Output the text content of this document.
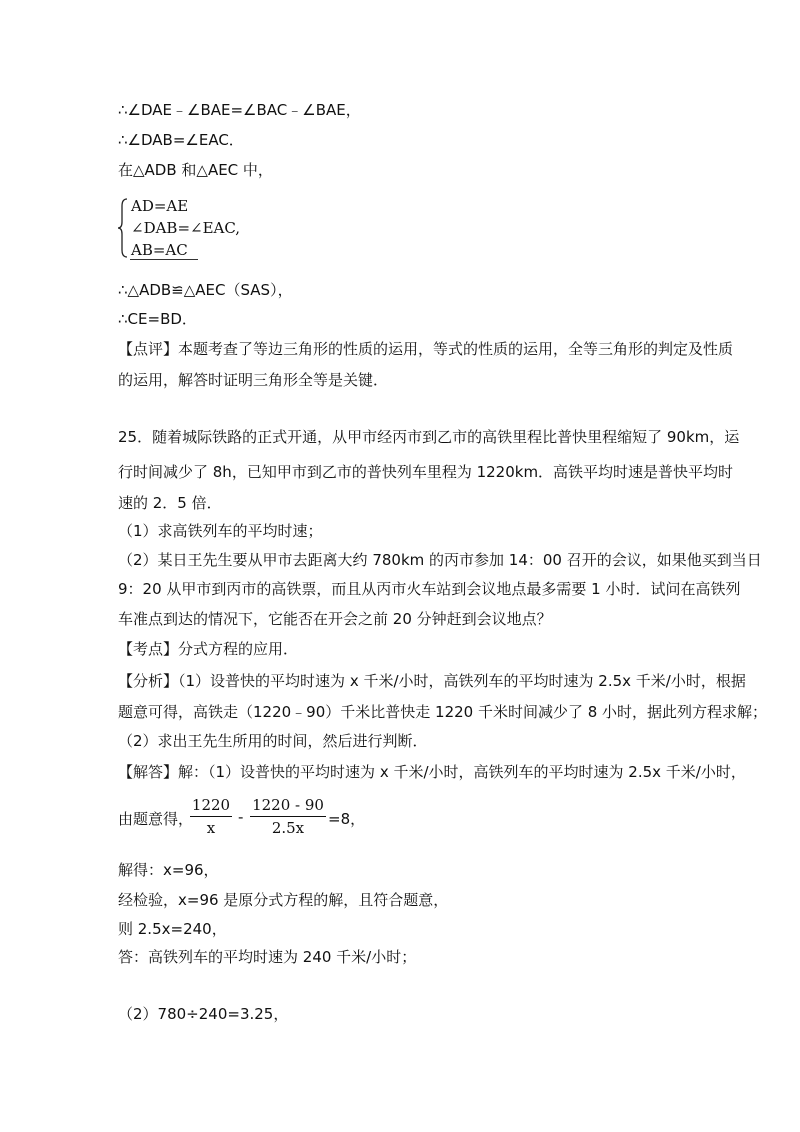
∴∠DAE﹣∠BAE=∠BAC﹣∠BAE，
∴∠DAB=∠EAC．
在△ADB 和△AEC 中，
AD=AE
∠DAB=∠EAC,
AB=AC
∴△ADB≌△AEC（SAS），
∴CE=BD．
【点评】本题考查了等边三角形的性质的运用，等式的性质的运用，全等三角形的判定及性质
的运用，解答时证明三角形全等是关键．
25．随着城际铁路的正式开通，从甲市经丙市到乙市的高铁里程比普快里程缩短了 90km，运
行时间减少了 8h，已知甲市到乙市的普快列车里程为 1220km．高铁平均时速是普快平均时
速的 2．5 倍．
（1）求高铁列车的平均时速；
（2）某日王先生要从甲市去距离大约 780km 的丙市参加 14：00 召开的会议，如果他买到当日
9：20 从甲市到丙市的高铁票，而且从丙市火车站到会议地点最多需要 1 小时．试问在高铁列
车准点到达的情况下，它能否在开会之前 20 分钟赶到会议地点？
【考点】分式方程的应用．
【分析】（1）设普快的平均时速为 x 千米/小时，高铁列车的平均时速为 2.5x 千米/小时，根据
题意可得，高铁走（1220﹣90）千米比普快走 1220 千米时间减少了 8 小时，据此列方程求解；
（2）求出王先生所用的时间，然后进行判断．
【解答】解：（1）设普快的平均时速为 x 千米/小时，高铁列车的平均时速为 2.5x 千米/小时，
由题意得，
1220
x
-
1220 - 90
2.5x	=8，
解得：x=96，
经检验，x=96 是原分式方程的解，且符合题意，
则 2.5x=240，
答：高铁列车的平均时速为 240 千米/小时；
（2）780÷240=3.25，
